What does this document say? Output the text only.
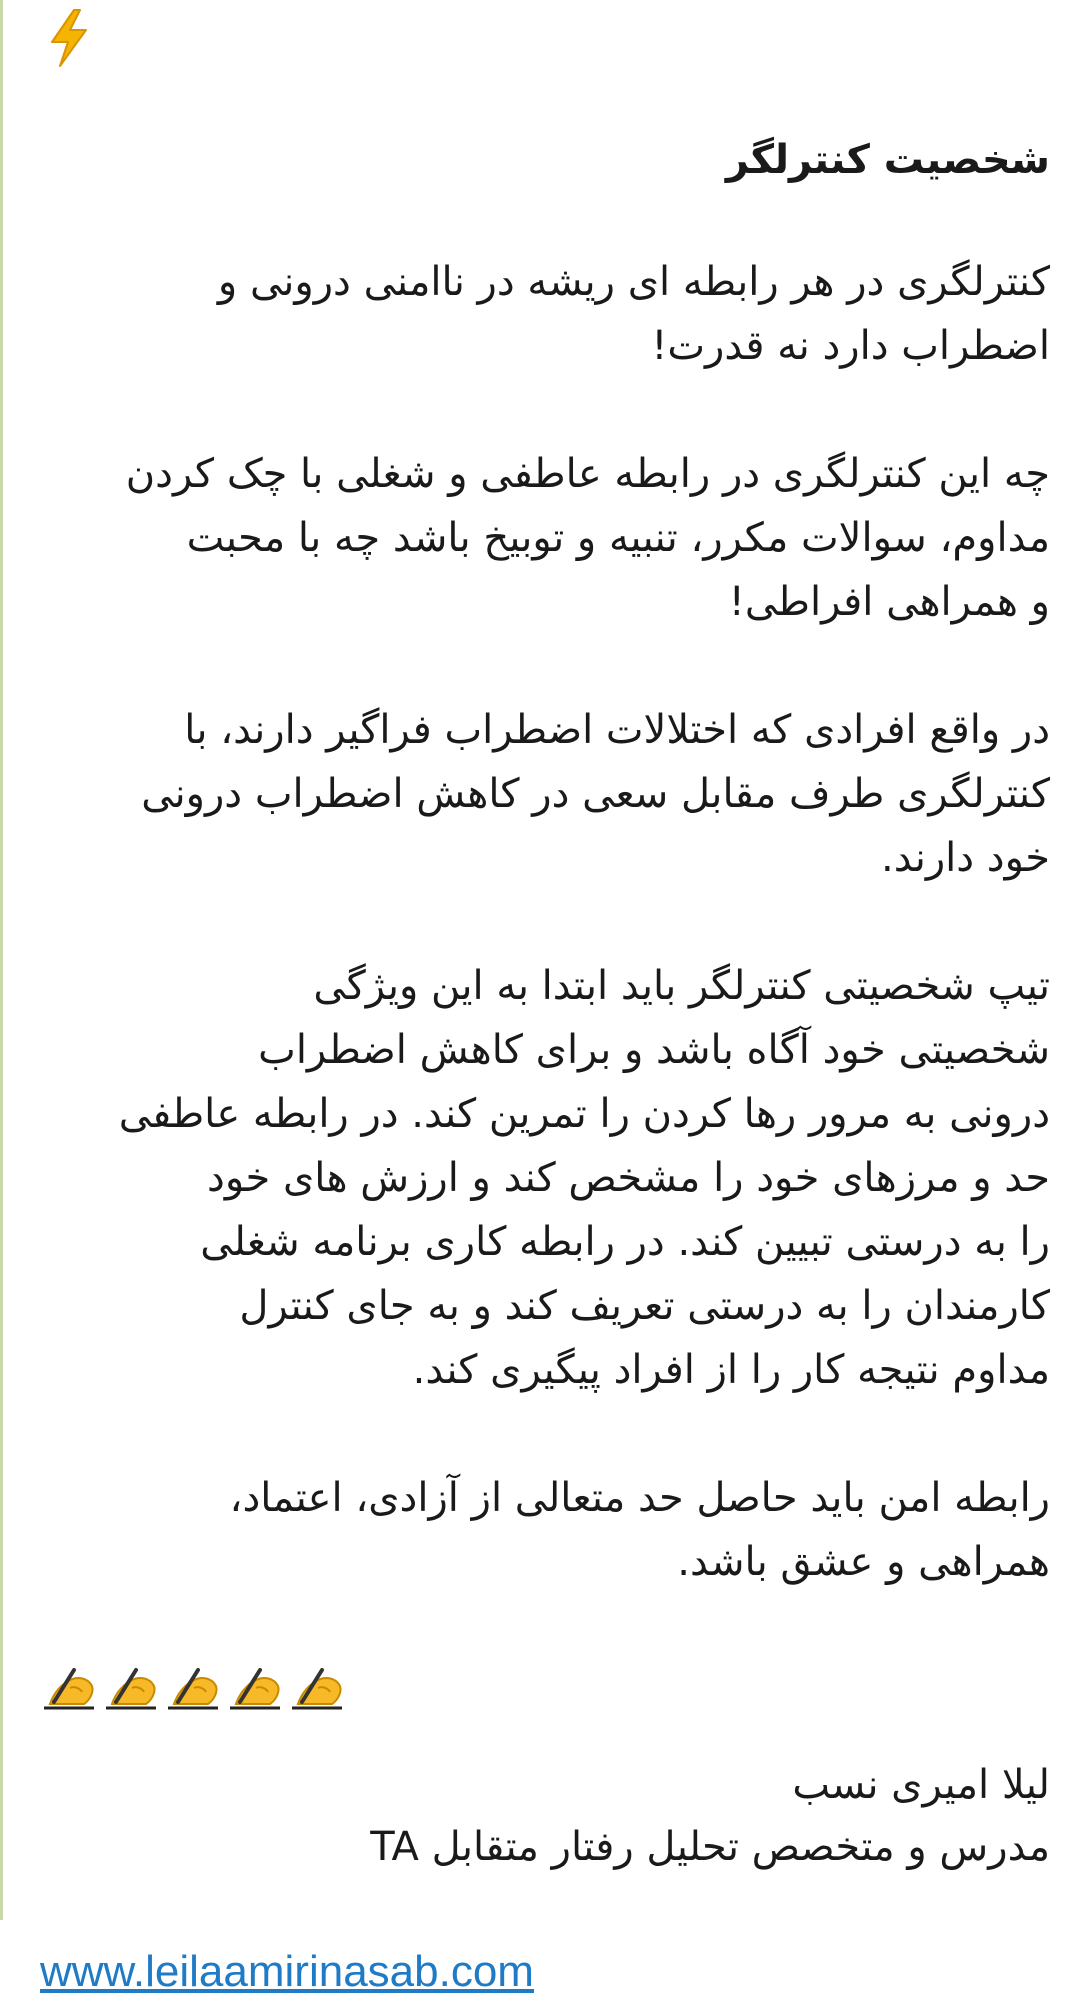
شخصیت کنترلگر
کنترلگری در هر رابطه ای ریشه در ناامنی درونی و
اضطراب دارد نه قدرت!
چه این کنترلگری در رابطه عاطفی و شغلی با چک کردن
مداوم، سوالات مکرر، تنبیه و توبیخ باشد چه با محبت
و همراهی افراطی!
در واقع افرادی که اختلالات اضطراب فراگیر دارند، با
کنترلگری طرف مقابل سعی در کاهش اضطراب درونی
خود دارند.
تیپ شخصیتی کنترلگر باید ابتدا به این ویژگی
شخصیتی خود آگاه باشد و برای کاهش اضطراب
درونی به مرور رها کردن را تمرین کند. در رابطه عاطفی
حد و مرزهای خود را مشخص کند و ارزش های خود
را به درستی تبیین کند. در رابطه کاری برنامه شغلی
کارمندان را به درستی تعریف کند و به جای کنترل
مداوم نتیجه کار را از افراد پیگیری کند.
رابطه امن باید حاصل حد متعالی از آزادی، اعتماد،
همراهی و عشق باشد.
لیلا امیری نسب
مدرس و متخصص تحلیل رفتار متقابل TA
www.leilaamirinasab.com
